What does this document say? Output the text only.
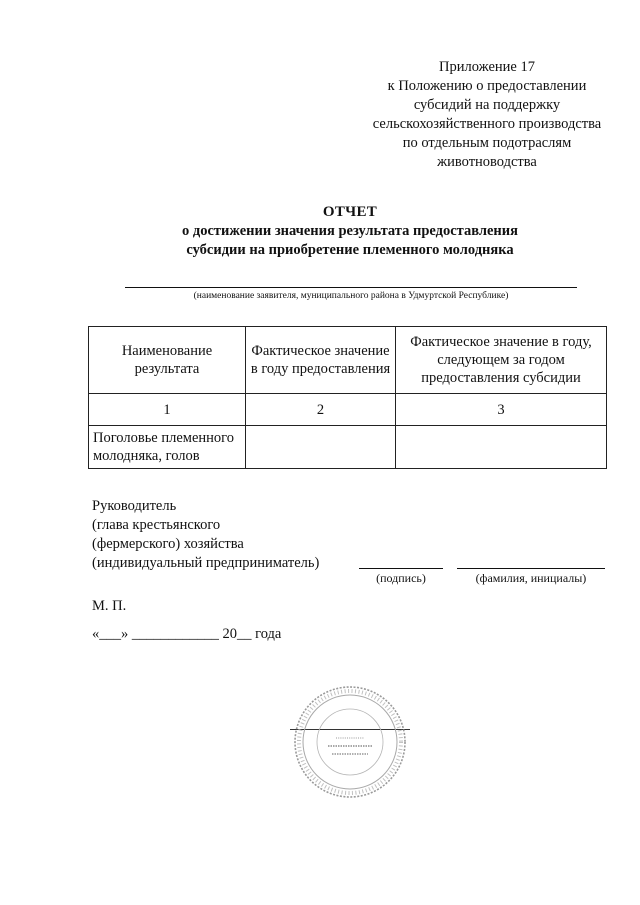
Приложение 17
к Положению о предоставлении
субсидий на поддержку
сельскохозяйственного производства
по отдельным подотраслям
животноводства
ОТЧЕТ
о достижении значения результата предоставления
субсидии на приобретение племенного молодняка
(наименование заявителя, муниципального района в Удмуртской Республике)
Наименование результата	Фактическое значение в году предоставления	Фактическое значение в году, следующем за годом предоставления субсидии
1	2	3
Поголовье племенного молодняка, голов		
Руководитель
(глава крестьянского
(фермерского) хозяйства
(индивидуальный предприниматель)
(подпись)	(фамилия, инициалы)
М. П.
«___» ____________ 20__ года
